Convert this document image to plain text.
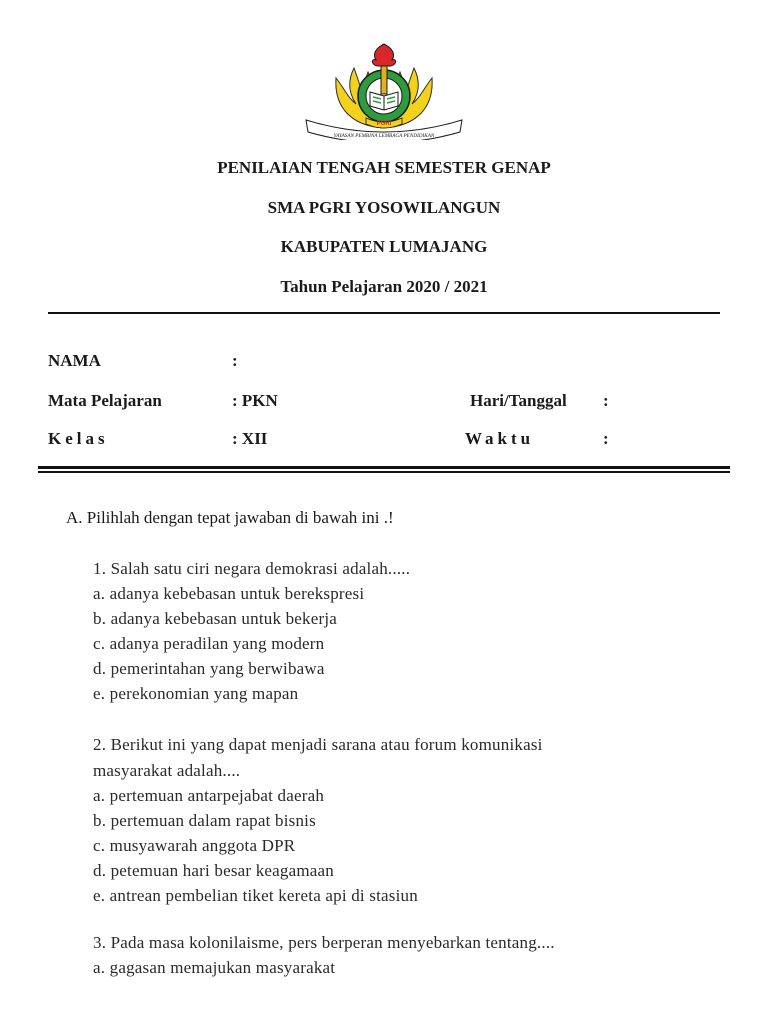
PGRI
YAYASAN PEMBINA LEMBAGA PENDIDIKAN
PENILAIAN TENGAH SEMESTER GENAP
SMA PGRI YOSOWILANGUN
KABUPATEN LUMAJANG
Tahun Pelajaran 2020 / 2021
NAMA	:
Mata Pelajaran	: PKN	Hari/Tanggal :
Kelas	: XII	Waktu	:
A. Pilihlah dengan tepat jawaban di bawah ini .!
1. Salah satu ciri negara demokrasi adalah.....
a. adanya kebebasan untuk berekspresi
b. adanya kebebasan untuk bekerja
c. adanya peradilan yang modern
d. pemerintahan yang berwibawa
e. perekonomian yang mapan
2. Berikut ini yang dapat menjadi sarana atau forum komunikasi
masyarakat adalah....
a. pertemuan antarpejabat daerah
b. pertemuan dalam rapat bisnis
c. musyawarah anggota DPR
d. petemuan hari besar keagamaan
e. antrean pembelian tiket kereta api di stasiun
3. Pada masa kolonilaisme, pers berperan menyebarkan tentang....
a. gagasan memajukan masyarakat
